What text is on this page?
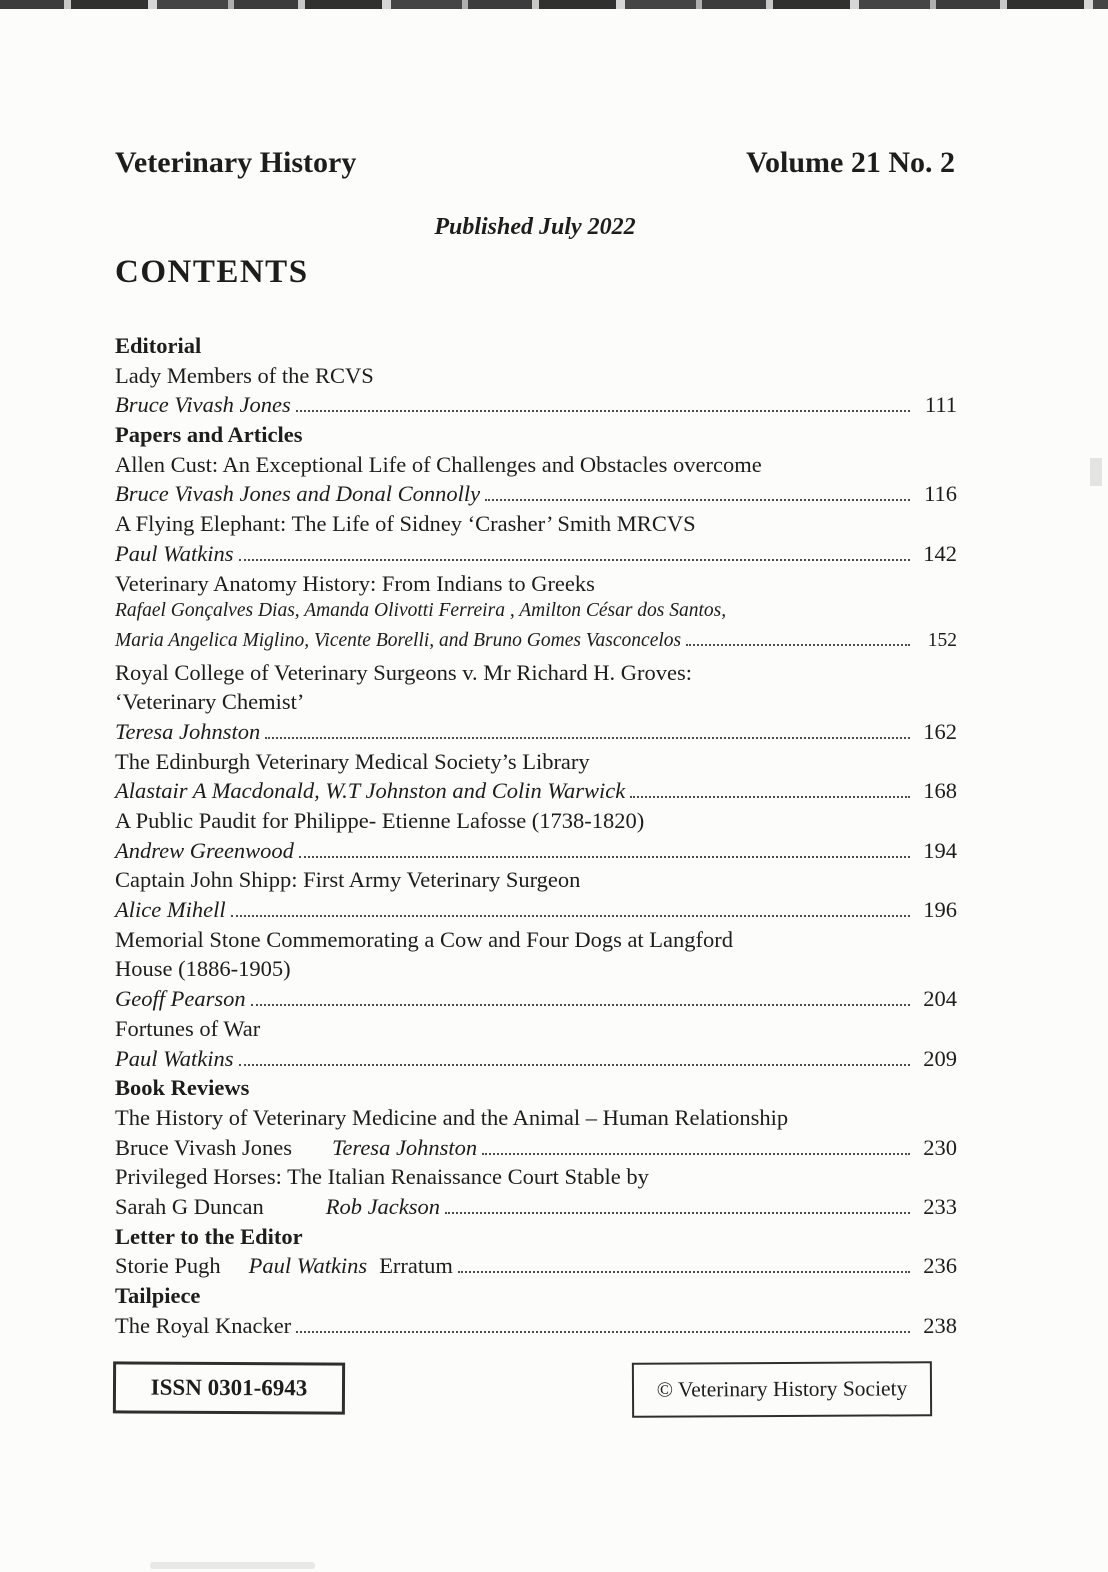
Veterinary History	Volume 21 No. 2
Published July 2022
CONTENTS
Editorial
Lady Members of the RCVS
Bruce Vivash Jones	111
Papers and Articles
Allen Cust: An Exceptional Life of Challenges and Obstacles overcome
Bruce Vivash Jones and Donal Connolly	116
A Flying Elephant: The Life of Sidney ‘Crasher’ Smith MRCVS
Paul Watkins	142
Veterinary Anatomy History: From Indians to Greeks
Rafael Gonçalves Dias, Amanda Olivotti Ferreira , Amilton César dos Santos,
Maria Angelica Miglino, Vicente Borelli, and Bruno Gomes Vasconcelos	152
Royal College of Veterinary Surgeons v. Mr Richard H. Groves:
‘Veterinary Chemist’
Teresa Johnston	162
The Edinburgh Veterinary Medical Society’s Library
Alastair A Macdonald, W.T Johnston and Colin Warwick	168
A Public Paudit for Philippe- Etienne Lafosse (1738-1820)
Andrew Greenwood	194
Captain John Shipp: First Army Veterinary Surgeon
Alice Mihell	196
Memorial Stone Commemorating a Cow and Four Dogs at Langford
House (1886-1905)
Geoff Pearson	204
Fortunes of War
Paul Watkins	209
Book Reviews
The History of Veterinary Medicine and the Animal – Human Relationship
Bruce Vivash Jones Teresa Johnston	230
Privileged Horses: The Italian Renaissance Court Stable by
Sarah G Duncan	Rob Jackson	233
Letter to the Editor
Storie Pugh Paul Watkins Erratum	236
Tailpiece
The Royal Knacker	238
ISSN 0301-6943	© Veterinary History Society
